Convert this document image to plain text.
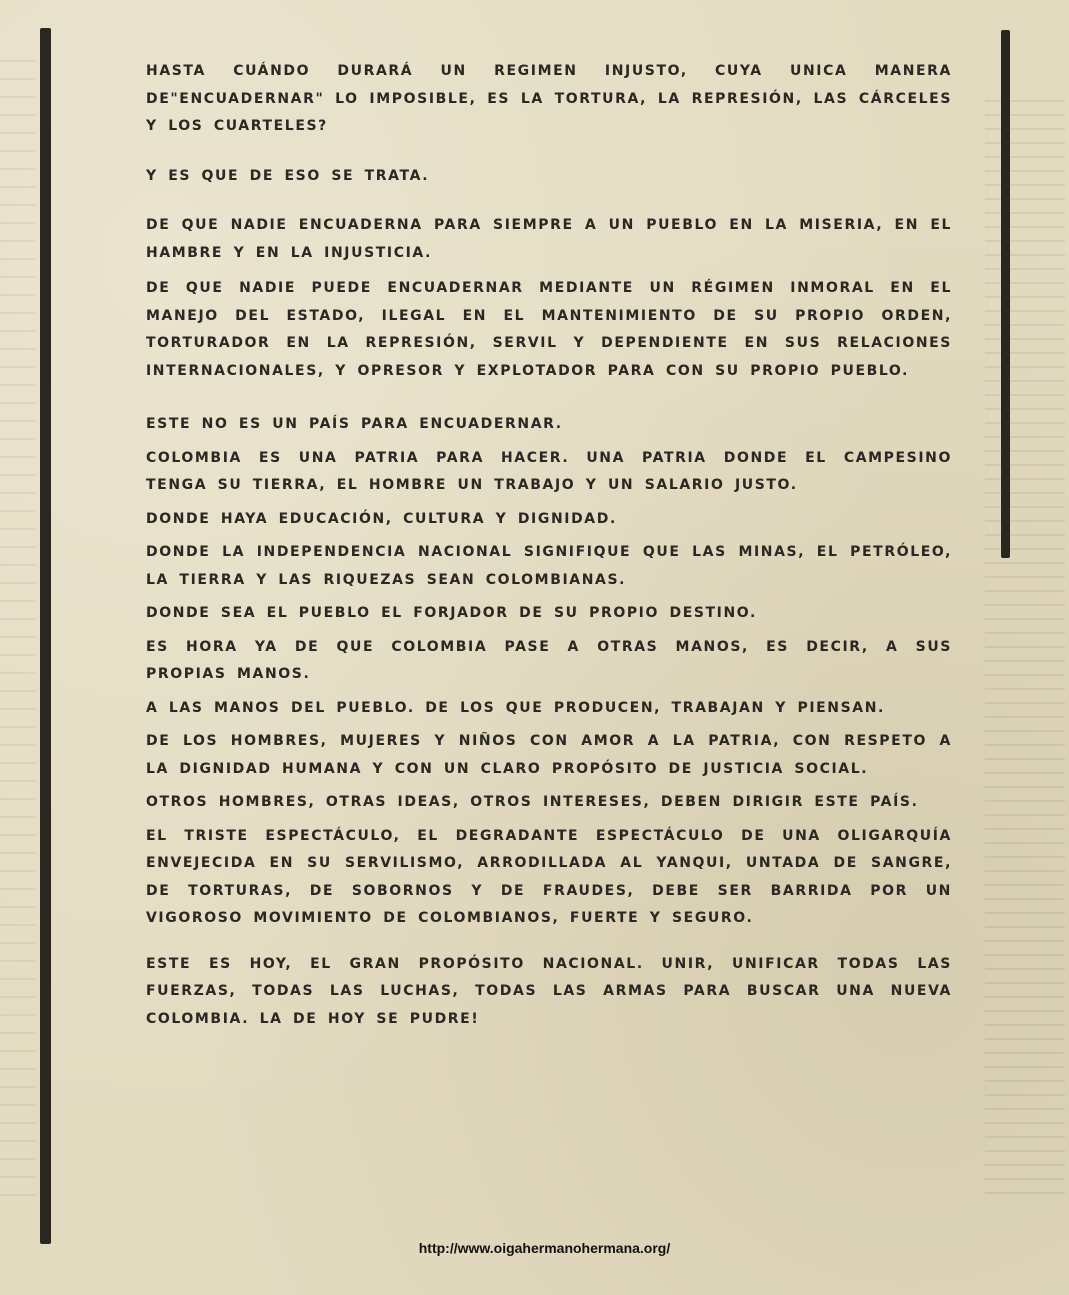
HASTA CUÁNDO DURARÁ UN REGIMEN INJUSTO, CUYA UNICA MANERA DE"ENCUADERNAR" LO IMPOSIBLE, ES LA TORTURA, LA REPRESIÓN, LAS CÁRCELES Y LOS CUARTELES?

Y ES QUE DE ESO SE TRATA.

DE QUE NADIE ENCUADERNA PARA SIEMPRE A UN PUEBLO EN LA MISERIA, EN EL HAMBRE Y EN LA INJUSTICIA.

DE QUE NADIE PUEDE ENCUADERNAR MEDIANTE UN RÉGIMEN INMORAL EN EL MANEJO DEL ESTADO, ILEGAL EN EL MANTENIMIENTO DE SU PROPIO ORDEN, TORTURADOR EN LA REPRESIÓN, SERVIL Y DEPENDIENTE EN SUS RELACIONES INTERNACIONALES, Y OPRESOR Y EXPLOTADOR PARA CON SU PROPIO PUEBLO.

ESTE NO ES UN PAÍS PARA ENCUADERNAR.

COLOMBIA ES UNA PATRIA PARA HACER. UNA PATRIA DONDE EL CAMPESINO TENGA SU TIERRA, EL HOMBRE UN TRABAJO Y UN SALARIO JUSTO.

DONDE HAYA EDUCACIÓN, CULTURA Y DIGNIDAD.

DONDE LA INDEPENDENCIA NACIONAL SIGNIFIQUE QUE LAS MINAS, EL PETRÓLEO, LA TIERRA Y LAS RIQUEZAS SEAN COLOMBIANAS.

DONDE SEA EL PUEBLO EL FORJADOR DE SU PROPIO DESTINO.

ES HORA YA DE QUE COLOMBIA PASE A OTRAS MANOS, ES DECIR, A SUS PROPIAS MANOS.

A LAS MANOS DEL PUEBLO. DE LOS QUE PRODUCEN, TRABAJAN Y PIENSAN.

DE LOS HOMBRES, MUJERES Y NIÑOS CON AMOR A LA PATRIA, CON RESPETO A LA DIGNIDAD HUMANA Y CON UN CLARO PROPÓSITO DE JUSTICIA SOCIAL.

OTROS HOMBRES, OTRAS IDEAS, OTROS INTERESES, DEBEN DIRIGIR ESTE PAÍS.

EL TRISTE ESPECTÁCULO, EL DEGRADANTE ESPECTÁCULO DE UNA OLIGARQUÍA ENVEJECIDA EN SU SERVILISMO, ARRODILLADA AL YANQUI, UNTADA DE SANGRE, DE TORTURAS, DE SOBORNOS Y DE FRAUDES, DEBE SER BARRIDA POR UN VIGOROSO MOVIMIENTO DE COLOMBIANOS, FUERTE Y SEGURO.

ESTE ES HOY, EL GRAN PROPÓSITO NACIONAL. UNIR, UNIFICAR TODAS LAS FUERZAS, TODAS LAS LUCHAS, TODAS LAS ARMAS PARA BUSCAR UNA NUEVA COLOMBIA. LA DE HOY SE PUDRE!

http://www.oigahermanohermana.org/
